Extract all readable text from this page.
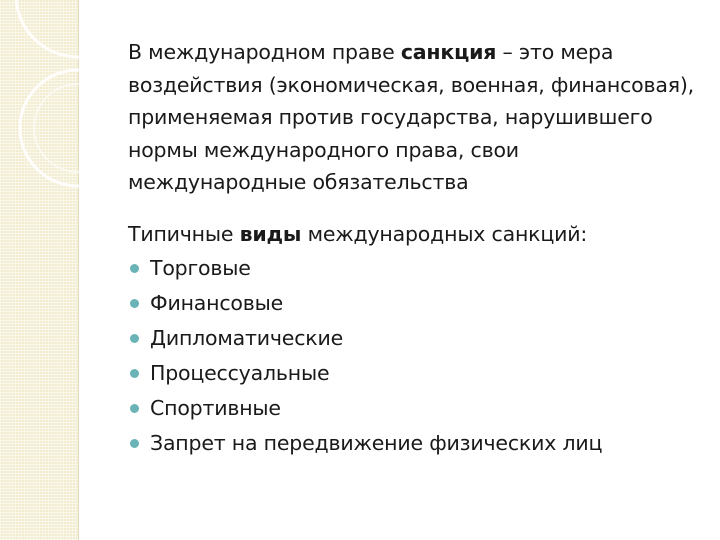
В международном праве санкция – это мера воздействия (экономическая, военная, финансовая), применяемая против государства, нарушившего нормы международного права, свои международные обязательства

Типичные виды международных санкций:

Торговые
Финансовые
Дипломатические
Процессуальные
Спортивные
Запрет на передвижение физических лиц
